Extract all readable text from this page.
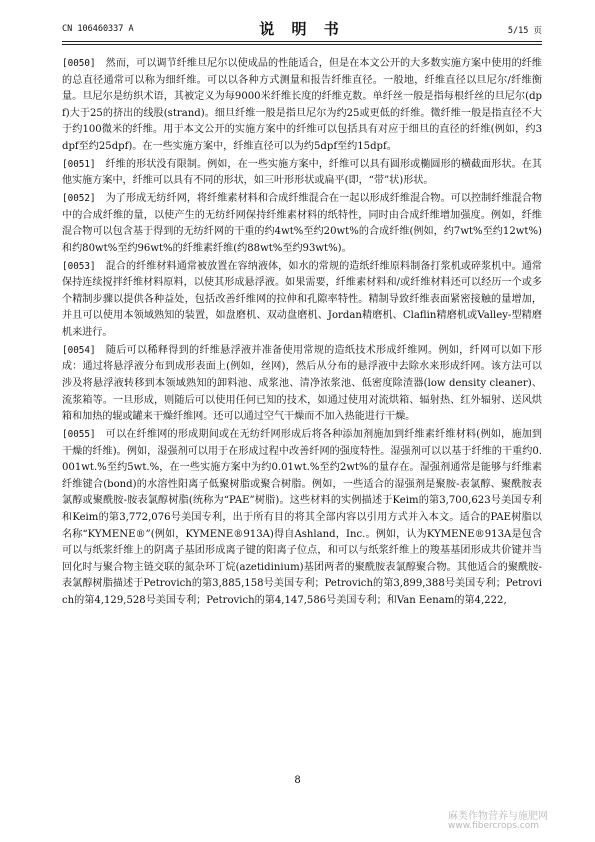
CN 106460337 A	说 明 书	5/15 页

[0050] 然而，可以调节纤维旦尼尔以使成品的性能适合，但是在本文公开的大多数实施方案中使用的纤维的总直径通常可以称为细纤维。可以以各种方式测量和报告纤维直径。一般地，纤维直径以旦尼尔/纤维衡量。旦尼尔是纺织术语，其被定义为每9000米纤维长度的纤维克数。单纤丝一般是指每根纤丝的旦尼尔(dpf)大于25的挤出的线股(strand)。细旦纤维一般是指旦尼尔为约25或更低的纤维。微纤维一般是指直径不大于约100微米的纤维。用于本文公开的实施方案中的纤维可以包括具有对应于细旦的直径的纤维(例如，约3dpf至约25dpf)。在一些实施方案中，纤维直径可以为约5dpf至约15dpf。

[0051] 纤维的形状没有限制。例如，在一些实施方案中，纤维可以具有圆形或椭圆形的横截面形状。在其他实施方案中，纤维可以具有不同的形状，如三叶形形状或扁平(即，“带”状)形状。

[0052] 为了形成无纺纤网，将纤维素材料和合成纤维混合在一起以形成纤维混合物。可以控制纤维混合物中的合成纤维的量，以使产生的无纺纤网保持纤维素材料的纸特性，同时由合成纤维增加强度。例如，纤维混合物可以包含基于得到的无纺纤网的干重的约4wt%至约20wt%的合成纤维(例如，约7wt%至约12wt%)和约80wt%至约96wt%的纤维素纤维(约88wt%至约93wt%)。

[0053] 混合的纤维材料通常被放置在容纳液体，如水的常规的造纸纤维原料制备打浆机或碎浆机中。通常保持连续搅拌纤维材料原料，以使其形成悬浮液。如果需要，纤维素材料和/或纤维材料还可以经历一个或多个精制步骤以提供各种益处，包括改善纤维网的拉伸和孔隙率特性。精制导致纤维表面紧密接触的量增加，并且可以使用本领域熟知的装置，如盘磨机、双动盘磨机、Jordan精磨机、Claflin精磨机或Valley-型精磨机来进行。

[0054] 随后可以稀释得到的纤维悬浮液并准备使用常规的造纸技术形成纤维网。例如，纤网可以如下形成：通过将悬浮液分布到成形表面上(例如，丝网)，然后从分布的悬浮液中去除水来形成纤网。该方法可以涉及将悬浮液转移到本领域熟知的卸料池、成浆池、清净浓浆池、低密度除渣器(low density cleaner)、流浆箱等。一旦形成，则随后可以使用任何已知的技术，如通过使用对流烘箱、辐射热、红外辐射、送风烘箱和加热的辊或罐来干燥纤维网。还可以通过空气干燥而不加入热能进行干燥。

[0055] 可以在纤维网的形成期间或在无纺纤网形成后将各种添加剂施加到纤维素纤维材料(例如，施加到干燥的纤维)。例如，湿强剂可以用于在形成过程中改善纤网的强度特性。湿强剂可以以基于纤维的干重约0.001wt.%至约5wt.%，在一些实施方案中为约0.01wt.%至约2wt%的量存在。湿强剂通常是能够与纤维素纤维键合(bond)的水溶性阳离子低聚树脂或聚合树脂。例如，一些适合的湿强剂是聚胺-表氯醇、聚酰胺表氯醇或聚酰胺-胺表氯醇树脂(统称为“PAE”树脂)。这些材料的实例描述于Keim的第3,700,623号美国专利和Keim的第3,772,076号美国专利，出于所有目的将其全部内容以引用方式并入本文。适合的PAE树脂以名称“KYMENE®”(例如，KYMENE®913A)得自Ashland，Inc.。例如，认为KYMENE®913A是包含可以与纸浆纤维上的阴离子基团形成离子键的阳离子位点，和可以与纸浆纤维上的羧基基团形成共价键并当回化时与聚合物主链交联的氮杂环丁烷(azetidinium)基团两者的聚酰胺表氯醇聚合物。其他适合的聚酰胺-表氯醇树脂描述于Petrovich的第3,885,158号美国专利；Petrovich的第3,899,388号美国专利；Petrovich的第4,129,528号美国专利；Petrovich的第4,147,586号美国专利；和Van Eenam的第4,222,

8
麻类作物营养与施肥网
www.fibercrops.com
